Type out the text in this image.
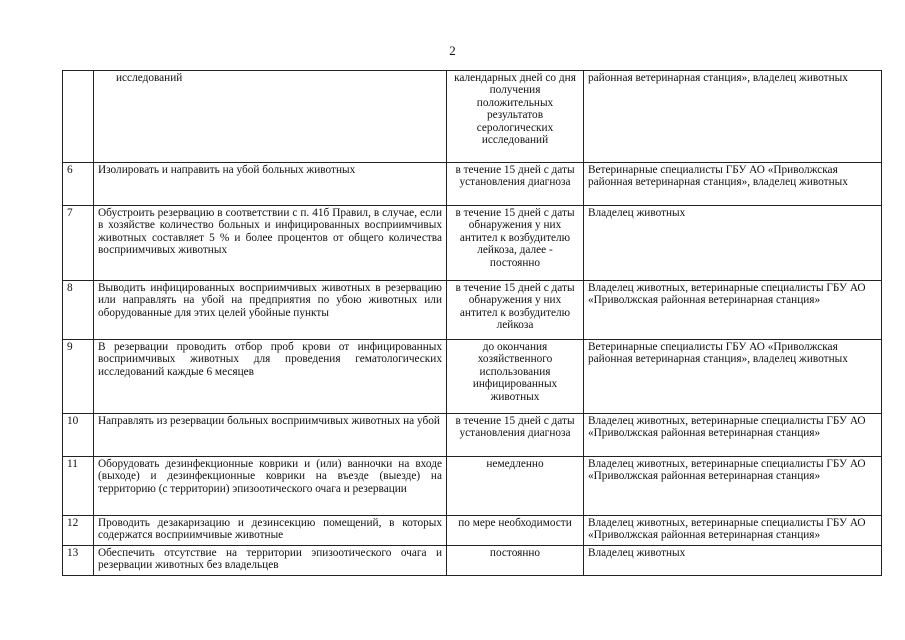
2
	исследований	календарных дней со дня получения положительных результатов серологических исследований	районная ветеринарная станция», владелец животных
6	Изолировать и направить на убой больных животных	в течение 15 дней с даты установления диагноза	Ветеринарные специалисты ГБУ АО «Приволжская районная ветеринарная станция», владелец животных
7	Обустроить резервацию в соответствии с п. 41б Правил, в случае, если в хозяйстве количество больных и инфицированных восприимчивых животных составляет 5 % и более процентов от общего количества восприимчивых животных	в течение 15 дней с даты обнаружения у них антител к возбудителю лейкоза, далее - постоянно	Владелец животных
8	Выводить инфицированных восприимчивых животных в резервацию или направлять на убой на предприятия по убою животных или оборудованные для этих целей убойные пункты	в течение 15 дней с даты обнаружения у них антител к возбудителю лейкоза	Владелец животных, ветеринарные специалисты ГБУ АО «Приволжская районная ветеринарная станция»
9	В резервации проводить отбор проб крови от инфицированных восприимчивых животных для проведения гематологических исследований каждые 6 месяцев	до окончания хозяйственного использования инфицированных животных	Ветеринарные специалисты ГБУ АО «Приволжская районная ветеринарная станция», владелец животных
10	Направлять из резервации больных восприимчивых животных на убой	в течение 15 дней с даты установления диагноза	Владелец животных, ветеринарные специалисты ГБУ АО «Приволжская районная ветеринарная станция»
11	Оборудовать дезинфекционные коврики и (или) ванночки на входе (выходе) и дезинфекционные коврики на въезде (выезде) на территорию (с территории) эпизоотического очага и резервации	немедленно	Владелец животных, ветеринарные специалисты ГБУ АО «Приволжская районная ветеринарная станция»
12	Проводить дезакаризацию и дезинсекцию помещений, в которых содержатся восприимчивые животные	по мере необходимости	Владелец животных, ветеринарные специалисты ГБУ АО «Приволжская районная ветеринарная станция»
13	Обеспечить отсутствие на территории эпизоотического очага и резервации животных без владельцев	постоянно	Владелец животных
